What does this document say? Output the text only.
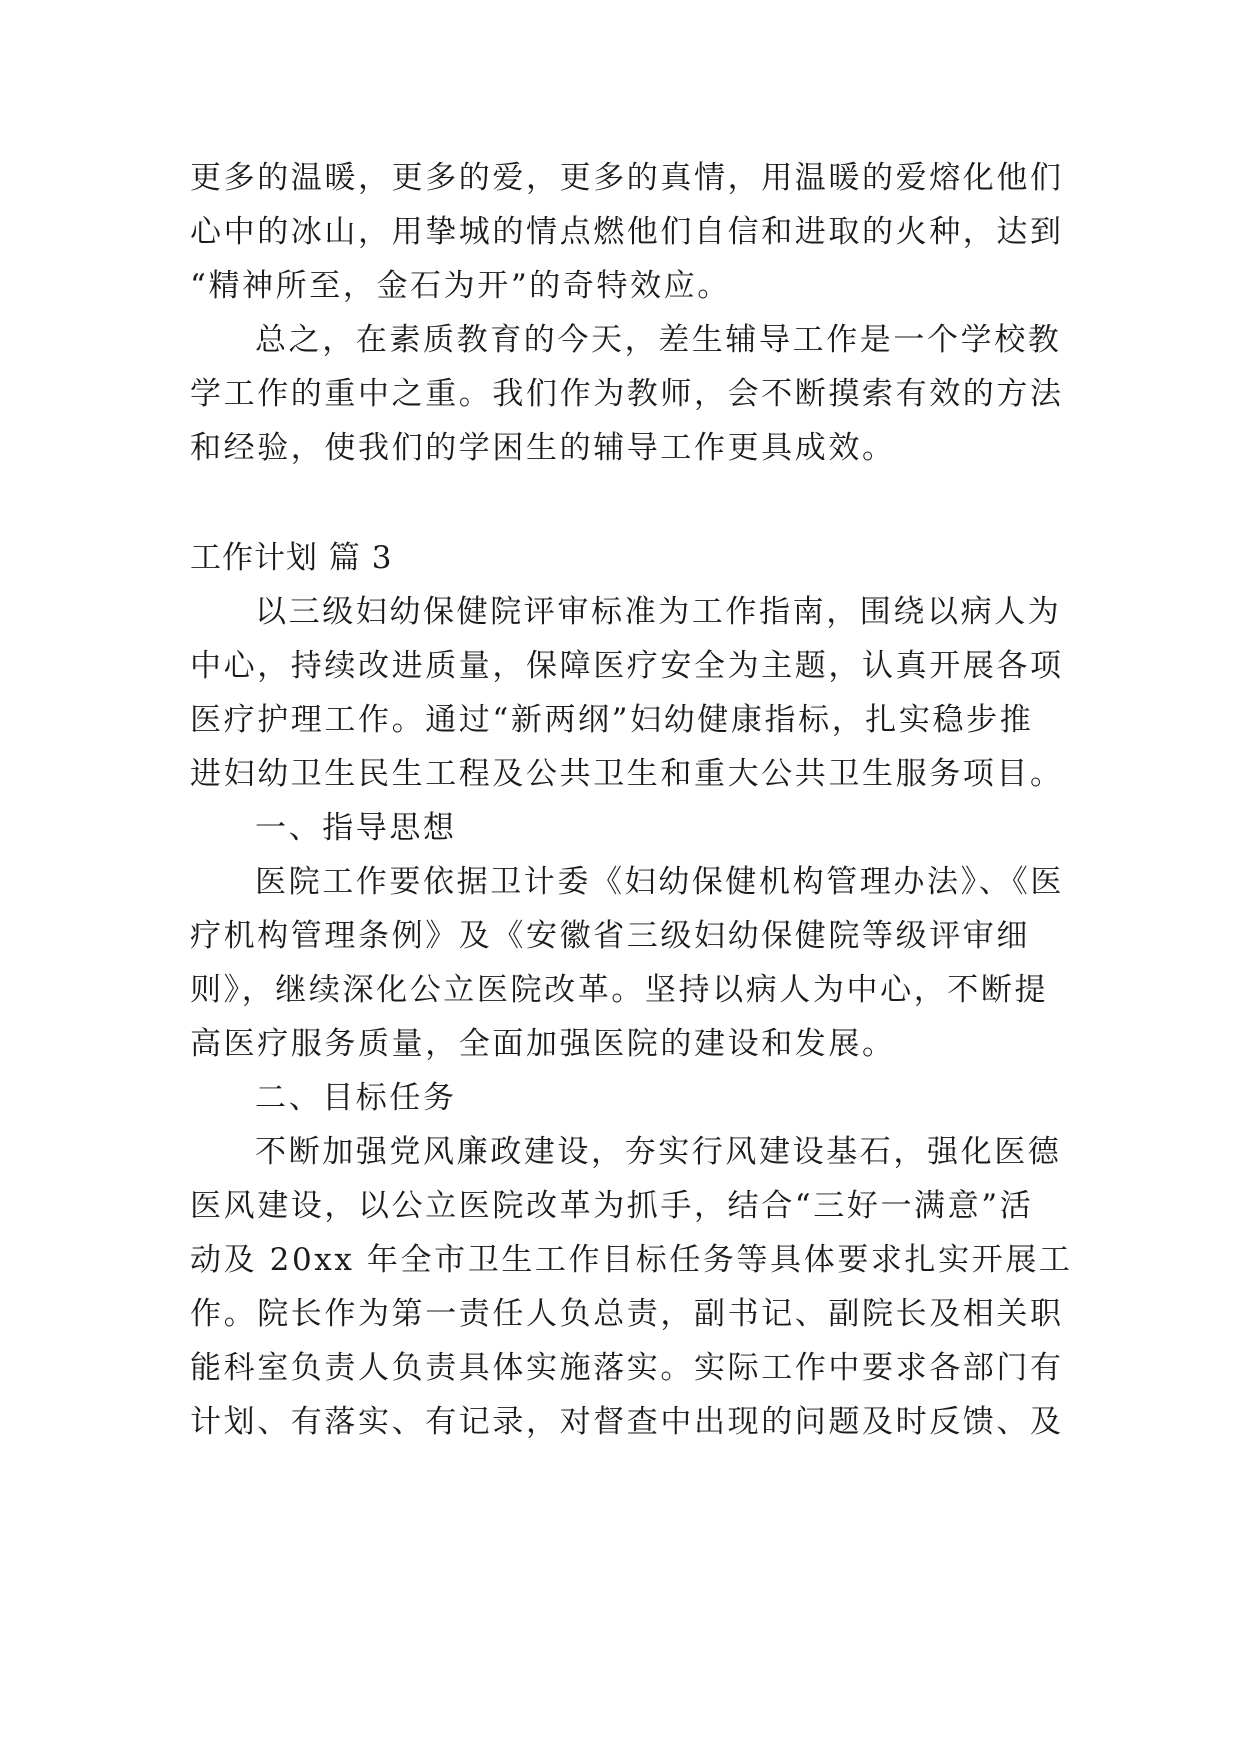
更多的温暖，更多的爱，更多的真情，用温暖的爱熔化他们
心中的冰山，用挚城的情点燃他们自信和进取的火种，达到
“精神所至，金石为开”的奇特效应。
总之，在素质教育的今天，差生辅导工作是一个学校教
学工作的重中之重。我们作为教师，会不断摸索有效的方法
和经验，使我们的学困生的辅导工作更具成效。
工作计划 篇 3
以三级妇幼保健院评审标准为工作指南，围绕以病人为
中心，持续改进质量，保障医疗安全为主题，认真开展各项
医疗护理工作。通过“新两纲”妇幼健康指标，扎实稳步推
进妇幼卫生民生工程及公共卫生和重大公共卫生服务项目。
一、指导思想
医院工作要依据卫计委《妇幼保健机构管理办法》、《医
疗机构管理条例》及《安徽省三级妇幼保健院等级评审细
则》，继续深化公立医院改革。坚持以病人为中心，不断提
高医疗服务质量，全面加强医院的建设和发展。
二、目标任务
不断加强党风廉政建设，夯实行风建设基石，强化医德
医风建设，以公立医院改革为抓手，结合“三好一满意”活
动及 20xx 年全市卫生工作目标任务等具体要求扎实开展工
作。院长作为第一责任人负总责，副书记、副院长及相关职
能科室负责人负责具体实施落实。实际工作中要求各部门有
计划、有落实、有记录，对督查中出现的问题及时反馈、及
